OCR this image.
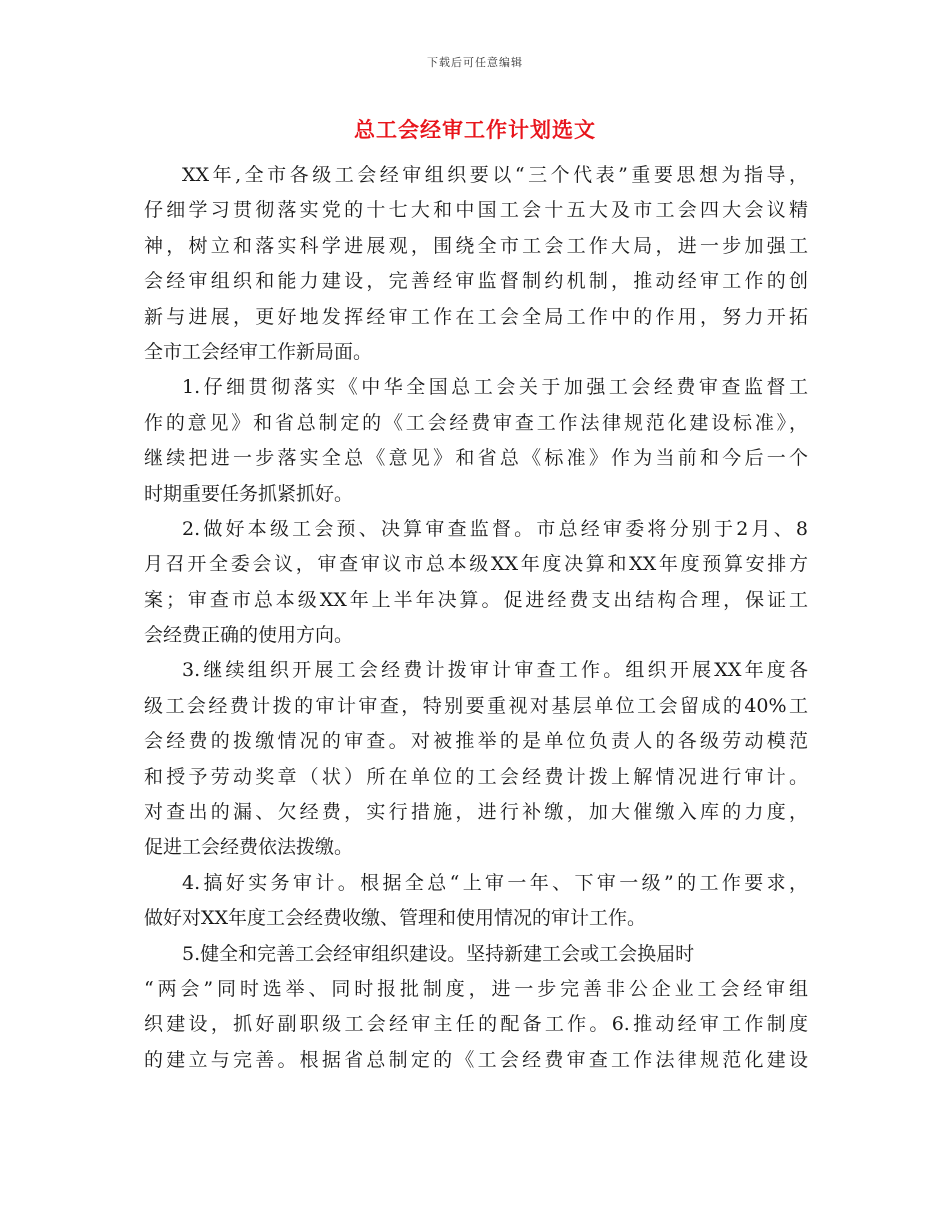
下载后可任意编辑
总工会经审工作计划选文
XX年,全市各级工会经审组织要以“三个代表”重要思想为指导，
仔细学习贯彻落实党的十七大和中国工会十五大及市工会四大会议精
神，树立和落实科学进展观，围绕全市工会工作大局，进一步加强工
会经审组织和能力建设，完善经审监督制约机制，推动经审工作的创
新与进展，更好地发挥经审工作在工会全局工作中的作用，努力开拓
全市工会经审工作新局面。
1.仔细贯彻落实《中华全国总工会关于加强工会经费审查监督工
作的意见》和省总制定的《工会经费审查工作法律规范化建设标准》，
继续把进一步落实全总《意见》和省总《标准》作为当前和今后一个
时期重要任务抓紧抓好。
2.做好本级工会预、决算审查监督。市总经审委将分别于2月、8
月召开全委会议，审查审议市总本级XX年度决算和XX年度预算安排方
案；审查市总本级XX年上半年决算。促进经费支出结构合理，保证工
会经费正确的使用方向。
3.继续组织开展工会经费计拨审计审查工作。组织开展XX年度各
级工会经费计拨的审计审查，特别要重视对基层单位工会留成的40%工
会经费的拨缴情况的审查。对被推举的是单位负责人的各级劳动模范
和授予劳动奖章（状）所在单位的工会经费计拨上解情况进行审计。
对查出的漏、欠经费，实行措施，进行补缴，加大催缴入库的力度，
促进工会经费依法拨缴。
4.搞好实务审计。根据全总“上审一年、下审一级”的工作要求，
做好对XX年度工会经费收缴、管理和使用情况的审计工作。
5.健全和完善工会经审组织建设。坚持新建工会或工会换届时
“两会”同时选举、同时报批制度，进一步完善非公企业工会经审组
织建设，抓好副职级工会经审主任的配备工作。6.推动经审工作制度
的建立与完善。根据省总制定的《工会经费审查工作法律规范化建设
